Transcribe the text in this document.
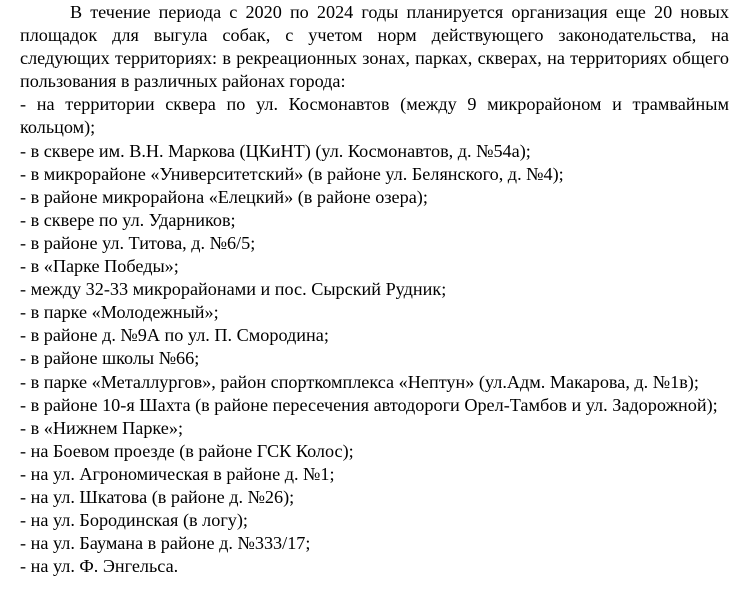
В течение периода с 2020 по 2024 годы планируется организация еще 20 новых площадок для выгула собак, с учетом норм действующего законодательства, на следующих территориях: в рекреационных зонах, парках, скверах, на территориях общего пользования в различных районах города:

- на территории сквера по ул. Космонавтов (между 9 микрорайоном и трамвайным кольцом);
- в сквере им. В.Н. Маркова (ЦКиНТ) (ул. Космонавтов, д. №54а);
- в микрорайоне «Университетский» (в районе ул. Белянского, д. №4);
- в районе микрорайона «Елецкий» (в районе озера);
- в сквере по ул. Ударников;
- в районе ул. Титова, д. №6/5;
- в «Парке Победы»;
- между 32-33 микрорайонами и пос. Сырский Рудник;
- в парке «Молодежный»;
- в районе д. №9А по ул. П. Смородина;
- в районе школы №66;
- в парке «Металлургов», район спорткомплекса «Нептун» (ул.Адм. Макарова, д. №1в);
- в районе 10-я Шахта (в районе пересечения автодороги Орел-Тамбов и ул. Задорожной);
- в «Нижнем Парке»;
- на Боевом проезде (в районе ГСК Колос);
- на ул. Агрономическая в районе д. №1;
- на ул. Шкатова (в районе д. №26);
- на ул. Бородинская (в логу);
- на ул. Баумана в районе д. №333/17;
- на ул. Ф. Энгельса.
